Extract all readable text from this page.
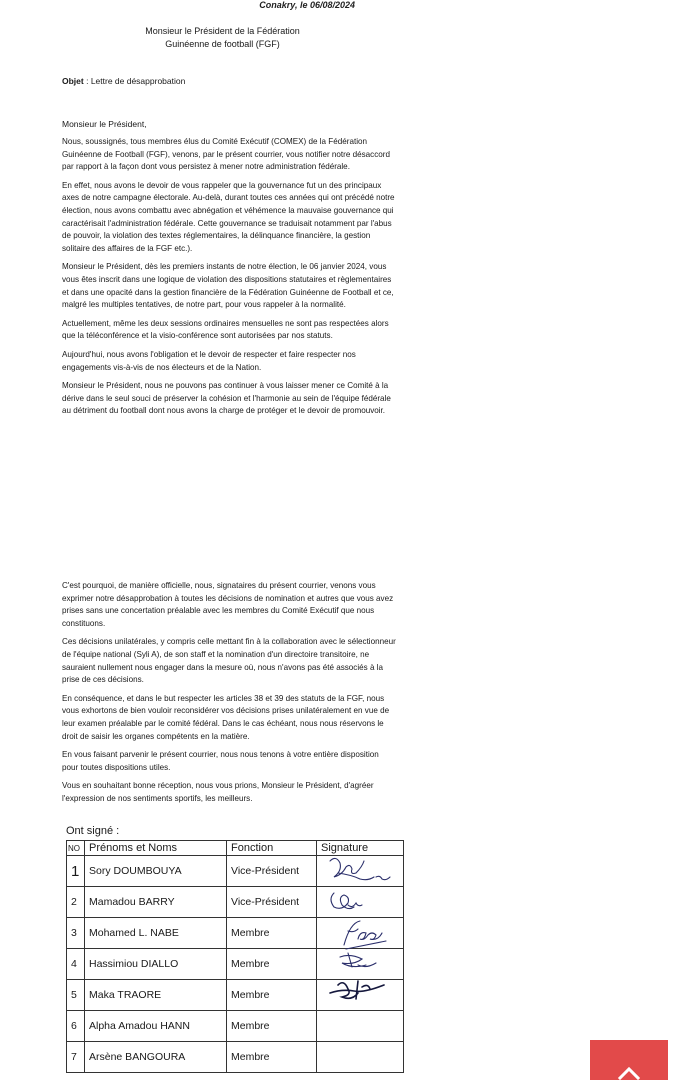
Conakry, le 06/08/2024
Monsieur le Président de la Fédération
Guinéenne de football (FGF)
Objet : Lettre de désapprobation
Monsieur le Président,

Nous, soussignés, tous membres élus du Comité Exécutif (COMEX) de la Fédération Guinéenne de Football (FGF), venons, par le présent courrier, vous notifier notre désaccord par rapport à la façon dont vous persistez à mener notre administration fédérale.

En effet, nous avons le devoir de vous rappeler que la gouvernance fut un des principaux axes de notre campagne électorale. Au-delà, durant toutes ces années qui ont précédé notre élection, nous avons combattu avec abnégation et véhémence la mauvaise gouvernance qui caractérisait l'administration fédérale. Cette gouvernance se traduisait notamment par l'abus de pouvoir, la violation des textes réglementaires, la délinquance financière, la gestion solitaire des affaires de la FGF etc.).

Monsieur le Président, dès les premiers instants de notre élection, le 06 janvier 2024, vous vous êtes inscrit dans une logique de violation des dispositions statutaires et règlementaires et dans une opacité dans la gestion financière de la Fédération Guinéenne de Football et ce, malgré les multiples tentatives, de notre part, pour vous rappeler à la normalité.

Actuellement, même les deux sessions ordinaires mensuelles ne sont pas respectées alors que la téléconférence et la visio-conférence sont autorisées par nos statuts.

Aujourd'hui, nous avons l'obligation et le devoir de respecter et faire respecter nos engagements vis-à-vis de nos électeurs et de la Nation.

Monsieur le Président, nous ne pouvons pas continuer à vous laisser mener ce Comité à la dérive dans le seul souci de préserver la cohésion et l'harmonie au sein de l'équipe fédérale au détriment du football dont nous avons la charge de protéger et le devoir de promouvoir.

C'est pourquoi, de manière officielle, nous, signataires du présent courrier, venons vous exprimer notre désapprobation à toutes les décisions de nomination et autres que vous avez prises sans une concertation préalable avec les membres du Comité Exécutif que nous constituons.

Ces décisions unilatérales, y compris celle mettant fin à la collaboration avec le sélectionneur de l'équipe national (Syli A), de son staff et la nomination d'un directoire transitoire, ne sauraient nullement nous engager dans la mesure où, nous n'avons pas été associés à la prise de ces décisions.

En conséquence, et dans le but respecter les articles 38 et 39 des statuts de la FGF, nous vous exhortons de bien vouloir reconsidérer vos décisions prises unilatéralement en vue de leur examen préalable par le comité fédéral. Dans le cas échéant, nous nous réservons le droit de saisir les organes compétents en la matière.

En vous faisant parvenir le présent courrier, nous nous tenons à votre entière disposition pour toutes dispositions utiles.

Vous en souhaitant bonne réception, nous vous prions, Monsieur le Président, d'agréer l'expression de nos sentiments sportifs, les meilleurs.

Ont signé :
NO	Prénoms et Noms	Fonction	Signature
1	Sory DOUMBOUYA	Vice-Président	
2	Mamadou BARRY	Vice-Président	
3	Mohamed L. NABE	Membre	
4	Hassimiou DIALLO	Membre	
5	Maka TRAORE	Membre	
6	Alpha Amadou HANN	Membre	
7	Arsène BANGOURA	Membre	
